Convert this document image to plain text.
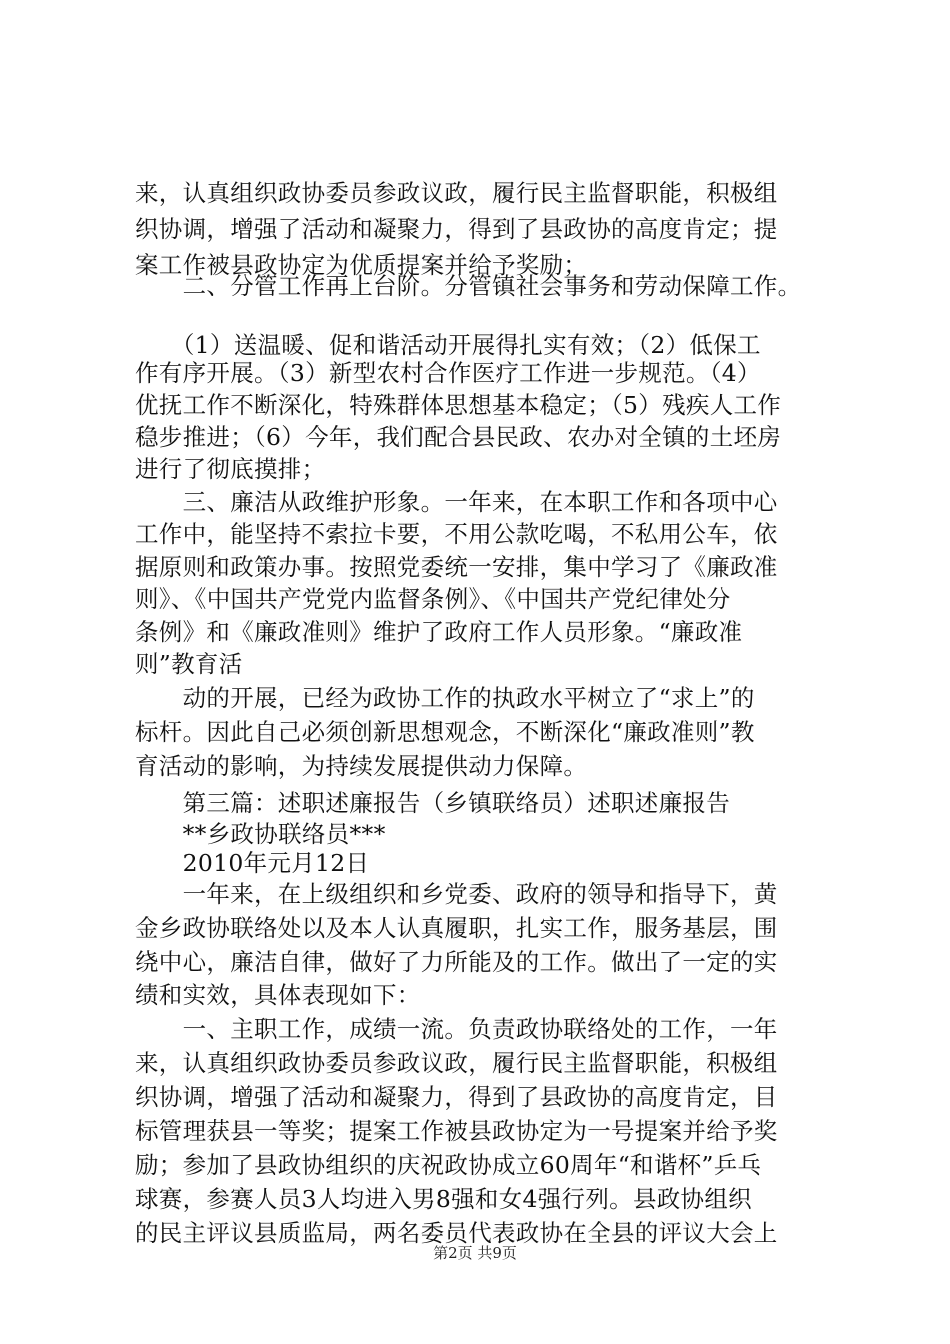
来，认真组织政协委员参政议政，履行民主监督职能，积极组
织协调，增强了活动和凝聚力，得到了县政协的高度肯定；提
案工作被县政协定为优质提案并给予奖励；
　　二、分管工作再上台阶。分管镇社会事务和劳动保障工作。
　　（1）送温暖、促和谐活动开展得扎实有效；（2）低保工
作有序开展。（3）新型农村合作医疗工作进一步规范。（4）
优抚工作不断深化，特殊群体思想基本稳定；（5）残疾人工作
稳步推进；（6）今年，我们配合县民政、农办对全镇的土坯房
进行了彻底摸排；
　　三、廉洁从政维护形象。一年来，在本职工作和各项中心
工作中，能坚持不索拉卡要，不用公款吃喝，不私用公车，依
据原则和政策办事。按照党委统一安排，集中学习了《廉政准
则》、《中国共产党党内监督条例》、《中国共产党纪律处分
条例》和《廉政准则》维护了政府工作人员形象。“廉政准
则”教育活
　　动的开展，已经为政协工作的执政水平树立了“求上”的
标杆。因此自己必须创新思想观念，不断深化“廉政准则”教
育活动的影响，为持续发展提供动力保障。
　　第三篇：述职述廉报告（乡镇联络员）述职述廉报告
　　**乡政协联络员***
　　2010年元月12日
　　一年来，在上级组织和乡党委、政府的领导和指导下，黄
金乡政协联络处以及本人认真履职，扎实工作，服务基层，围
绕中心，廉洁自律，做好了力所能及的工作。做出了一定的实
绩和实效，具体表现如下：
　　一、主职工作，成绩一流。负责政协联络处的工作，一年
来，认真组织政协委员参政议政，履行民主监督职能，积极组
织协调，增强了活动和凝聚力，得到了县政协的高度肯定，目
标管理获县一等奖；提案工作被县政协定为一号提案并给予奖
励；参加了县政协组织的庆祝政协成立60周年“和谐杯”乒乓
球赛，参赛人员3人均进入男8强和女4强行列。县政协组织
的民主评议县质监局，两名委员代表政协在全县的评议大会上
第2页 共9页
